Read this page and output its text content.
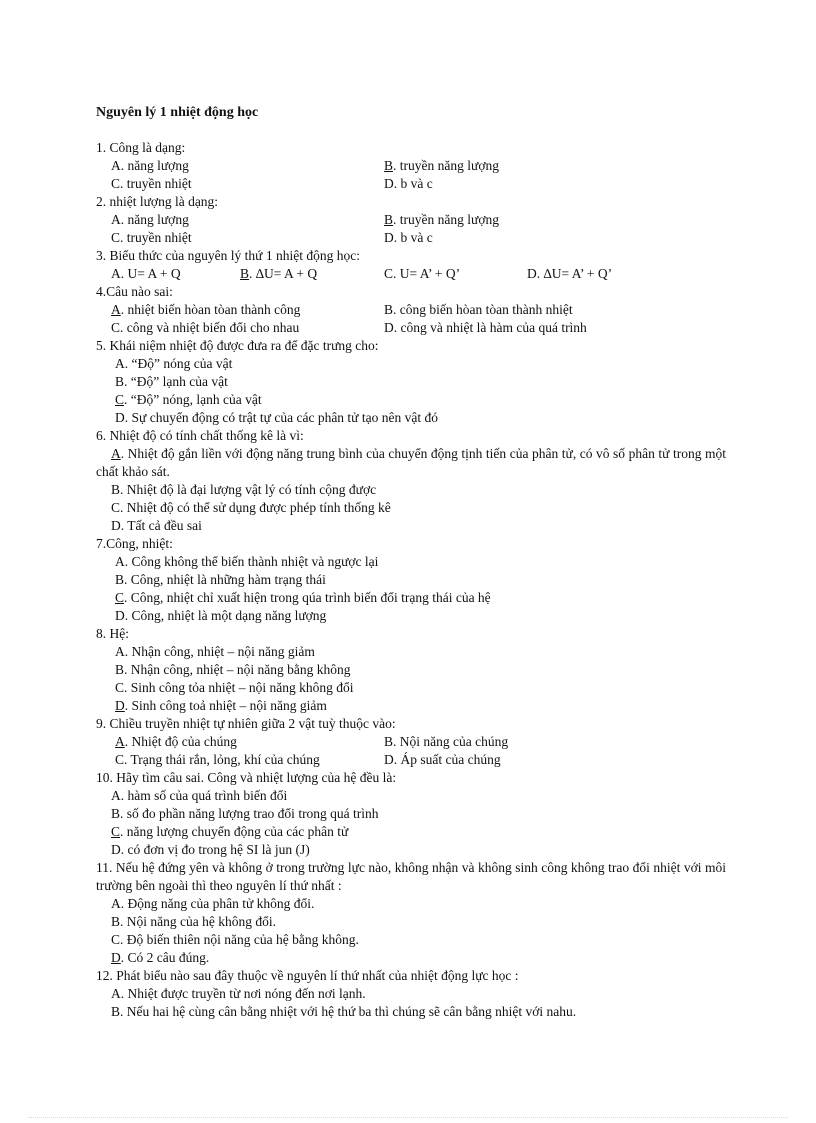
Nguyên lý 1 nhiệt động học
1. Công là dạng:
A. năng lượng	B. truyền năng lượng
C. truyền nhiệt	D. b và c
2. nhiệt lượng là dạng:
A. năng lượng	B. truyền năng lượng
C. truyền nhiệt	D. b và c
3. Biểu thức của nguyên lý thứ 1 nhiệt động học:
A. U= A + Q	B. ∆U= A + Q	C. U= A’ + Q’	D. ∆U= A’ + Q’
4.Câu nào sai:
A. nhiệt biến hòan tòan thành công	B. công biến hòan tòan thành nhiệt
C. công và nhiệt biến đổi cho nhau	D. công và nhiệt là hàm của quá trình
5. Khái niệm nhiệt độ được đưa ra để đặc trưng cho:
A. “Độ” nóng của vật
B. “Độ” lạnh của vật
C. “Độ” nóng, lạnh của vật
D. Sự chuyển động có trật tự của các phân tử tạo nên vật đó
6. Nhiệt độ có tính chất thống kê là vì:
A. Nhiệt độ gắn liền với động năng trung bình của chuyển động tịnh tiến của phân tử, có vô số phân tử trong một chất khảo sát.
B. Nhiệt độ là đại lượng vật lý có tính cộng được
C. Nhiệt độ có thể sử dụng được phép tính thống kê
D. Tất cả đều sai
7.Công, nhiệt:
A. Công không thể biến thành nhiệt và ngược lại
B. Công, nhiệt là những hàm trạng thái
C. Công, nhiệt chỉ xuất hiện trong qúa trình biến đổi trạng thái của hệ
D. Công, nhiệt là một dạng năng lượng
8. Hệ:
A. Nhận công, nhiệt – nội năng giảm
B. Nhận công, nhiệt – nội năng bằng không
C. Sinh công tỏa nhiệt – nội năng không đổi
D. Sinh công toả nhiệt – nội năng giảm
9. Chiều truyền nhiệt tự nhiên giữa 2 vật tuỳ thuộc vào:
A. Nhiệt độ của chúng	B. Nội năng của chúng
C. Trạng thái rắn, lỏng, khí của chúng	D. Áp suất của chúng
10. Hãy tìm câu sai. Công và nhiệt lượng của hệ đều là:
A. hàm số của quá trình biến đổi
B. số đo phần năng lượng trao đổi trong quá trình
C. năng lượng chuyển động của các phân tử
D. có đơn vị đo trong hệ SI là jun (J)
11. Nếu hệ đứng yên và không ở trong trường lực nào, không nhận và không sinh công không trao đổi nhiệt với môi trường bên ngoài thì theo nguyên lí thứ nhất :
A. Động năng của phân tử không đổi.
B. Nội năng của hệ không đổi.
C. Độ biến thiên nội năng của hệ bằng không.
D. Có 2 câu đúng.
12. Phát biểu nào sau đây thuộc về nguyên lí thứ nhất của nhiệt động lực học :
A. Nhiệt được truyền từ nơi nóng đến nơi lạnh.
B. Nếu hai hệ cùng cân bằng nhiệt với hệ thứ ba thì chúng sẽ cân bằng nhiệt với nahu.
